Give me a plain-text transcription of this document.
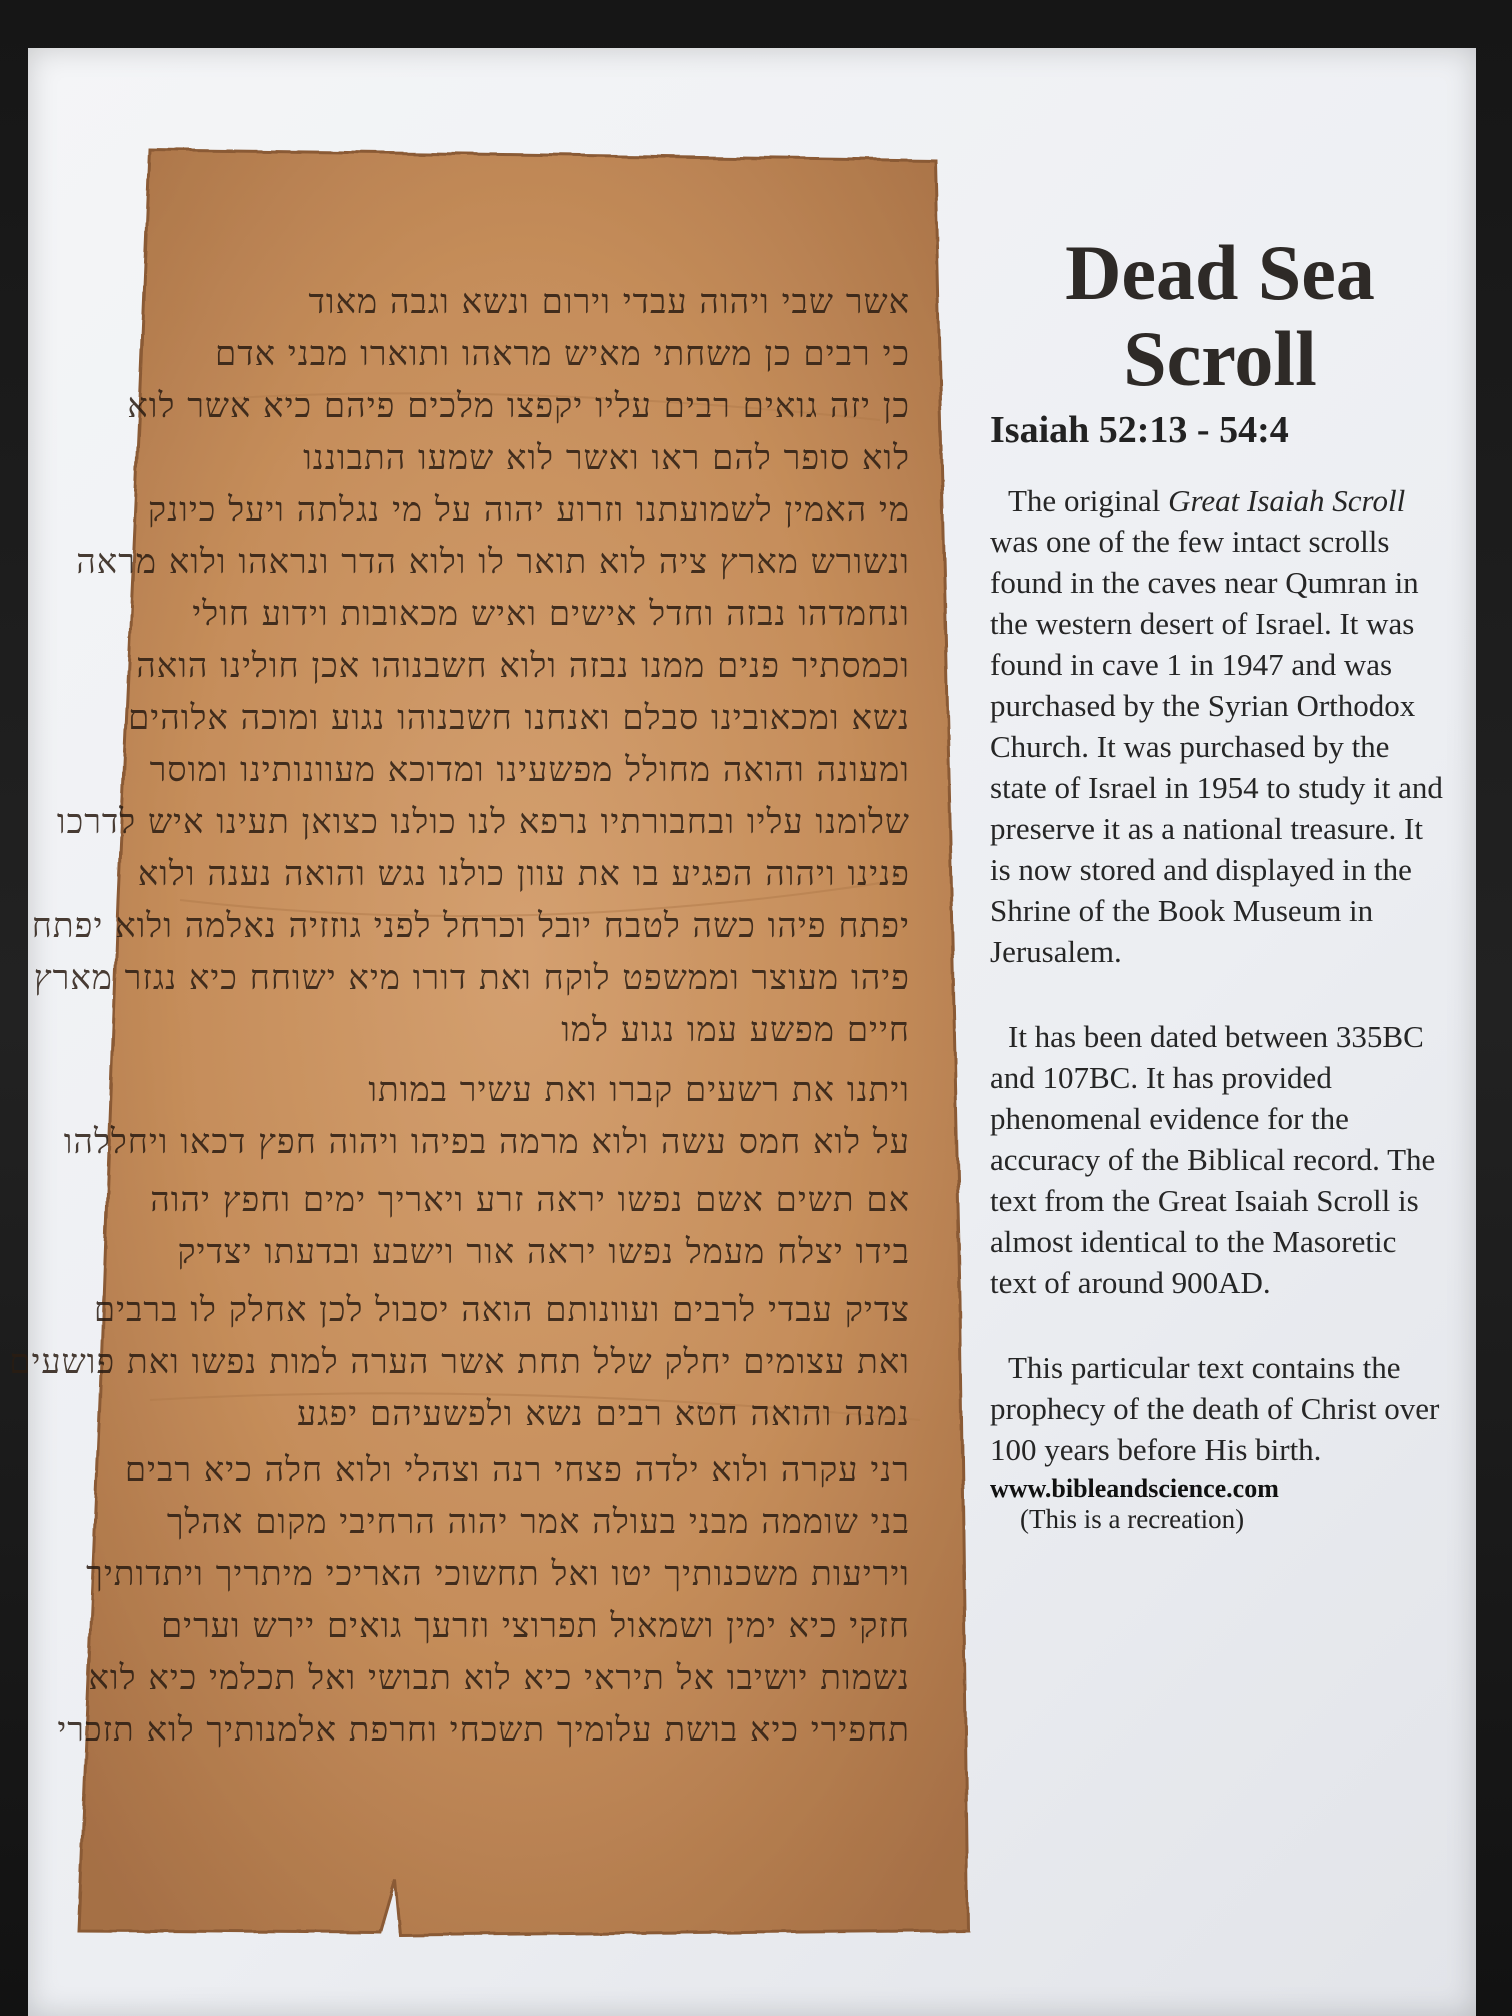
אשר שבי ויהוה עבדי וירום ונשא וגבה מאוד
כי רבים כן משחתי מאיש מראהו ותוארו מבני אדם
כן יזה גואים רבים עליו יקפצו מלכים פיהם כיא אשר לוא
לוא סופר להם ראו ואשר לוא שמעו התבוננו
מי האמין לשמועתנו וזרוע יהוה על מי נגלתה ויעל כיונק
ונשורש מארץ ציה לוא תואר לו ולוא הדר ונראהו ולוא מראה
ונחמדהו נבזה וחדל אישים ואיש מכאובות וידוע חולי
וכמסתיר פנים ממנו נבזה ולוא חשבנוהו אכן חולינו הואה
נשא ומכאובינו סבלם ואנחנו חשבנוהו נגוע ומוכה אלוהים
ומעונה והואה מחולל מפשעינו ומדוכא מעוונותינו ומוסר
שלומנו עליו ובחבורתיו נרפא לנו כולנו כצואן תעינו איש לדרכו
פנינו ויהוה הפגיע בו את עוון כולנו נגש והואה נענה ולוא
יפתח פיהו כשה לטבח יובל וכרחל לפני גוזזיה נאלמה ולוא יפתח
פיהו מעוצר וממשפט לוקח ואת דורו מיא ישוחח כיא נגזר מארץ
חיים מפשע עמו נגוע למו
ויתנו את רשעים קברו ואת עשיר במותו
על לוא חמס עשה ולוא מרמה בפיהו ויהוה חפץ דכאו ויחללהו
אם תשים אשם נפשו יראה זרע ויאריך ימים וחפץ יהוה
בידו יצלח מעמל נפשו יראה אור וישבע ובדעתו יצדיק
צדיק עבדי לרבים ועוונותם הואה יסבול לכן אחלק לו ברבים
ואת עצומים יחלק שלל תחת אשר הערה למות נפשו ואת פושעים
נמנה והואה חטא רבים נשא ולפשעיהם יפגע
רני עקרה ולוא ילדה פצחי רנה וצהלי ולוא חלה כיא רבים
בני שוממה מבני בעולה אמר יהוה הרחיבי מקום אהלך
ויריעות משכנותיך יטו ואל תחשוכי האריכי מיתריך ויתדותיך
חזקי כיא ימין ושמאול תפרוצי וזרעך גואים יירש וערים
נשמות יושיבו אל תיראי כיא לוא תבושי ואל תכלמי כיא לוא
תחפירי כיא בושת עלומיך תשכחי וחרפת אלמנותיך לוא תזכרי
Dead Sea
Scroll
Isaiah 52:13 - 54:4
The original Great Isaiah Scroll was one of the few intact scrolls found in the caves near Qumran in the western desert of Israel. It was found in cave 1 in 1947 and was purchased by the Syrian Orthodox Church. It was purchased by the state of Israel in 1954 to study it and preserve it as a national treasure. It is now stored and displayed in the Shrine of the Book Museum in Jerusalem.
It has been dated between 335BC and 107BC. It has provided phenomenal evidence for the accuracy of the Biblical record. The text from the Great Isaiah Scroll is almost identical to the Masoretic text of around 900AD.
This particular text contains the prophecy of the death of Christ over 100 years before His birth.
www.bibleandscience.com
(This is a recreation)
